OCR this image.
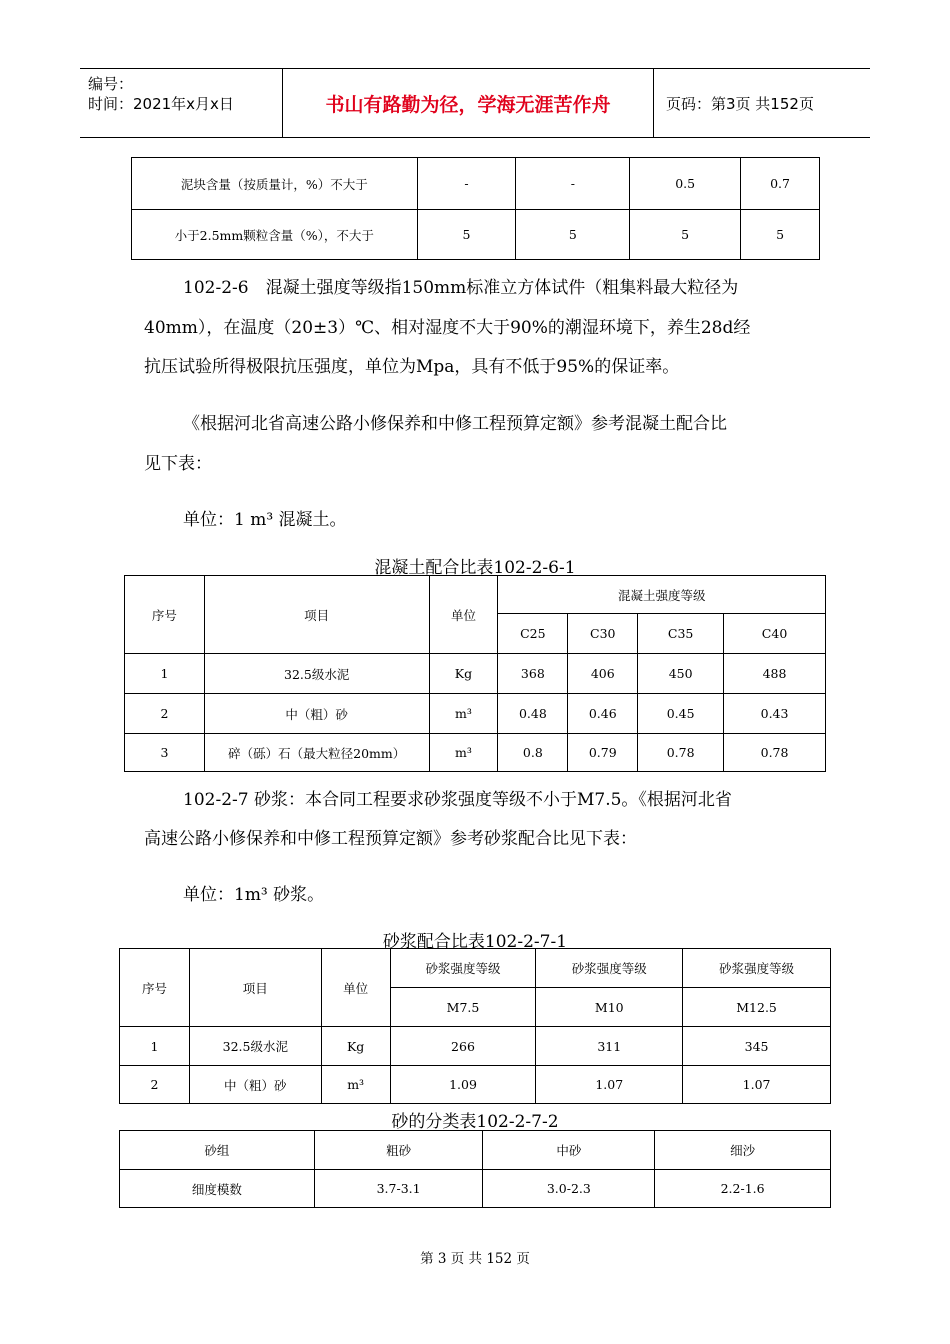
编号：
时间：2021年x月x日	书山有路勤为径，学海无涯苦作舟	页码：第3页 共152页
泥块含量（按质量计，%）不大于	-	-	0.5	0.7
小于2.5mm颗粒含量（%），不大于	5	5	5	5
102-2-6　混凝土强度等级指150mm标准立方体试件（粗集料最大粒径为
40mm），在温度（20±3）℃、相对湿度不大于90%的潮湿环境下，养生28d经
抗压试验所得极限抗压强度，单位为Mpa，具有不低于95%的保证率。
《根据河北省高速公路小修保养和中修工程预算定额》参考混凝土配合比
见下表：
单位：1 m³ 混凝土。
混凝土配合比表102-2-6-1
序号	项目	单位	混凝土强度等级			
			C25	C30	C35	C40
1	32.5级水泥	Kg	368	406	450	488
2	中（粗）砂	m³	0.48	0.46	0.45	0.43
3	碎（砾）石（最大粒径20mm）	m³	0.8	0.79	0.78	0.78
102-2-7 砂浆：本合同工程要求砂浆强度等级不小于M7.5。《根据河北省
高速公路小修保养和中修工程预算定额》参考砂浆配合比见下表：
单位：1m³ 砂浆。
砂浆配合比表102-2-7-1
序号	项目	单位	砂浆强度等级	砂浆强度等级	砂浆强度等级
			M7.5	M10	M12.5
1	32.5级水泥	Kg	266	311	345
2	中（粗）砂	m³	1.09	1.07	1.07
砂的分类表102-2-7-2
砂组	粗砂	中砂	细沙
细度模数	3.7-3.1	3.0-2.3	2.2-1.6
第 3 页 共 152 页
